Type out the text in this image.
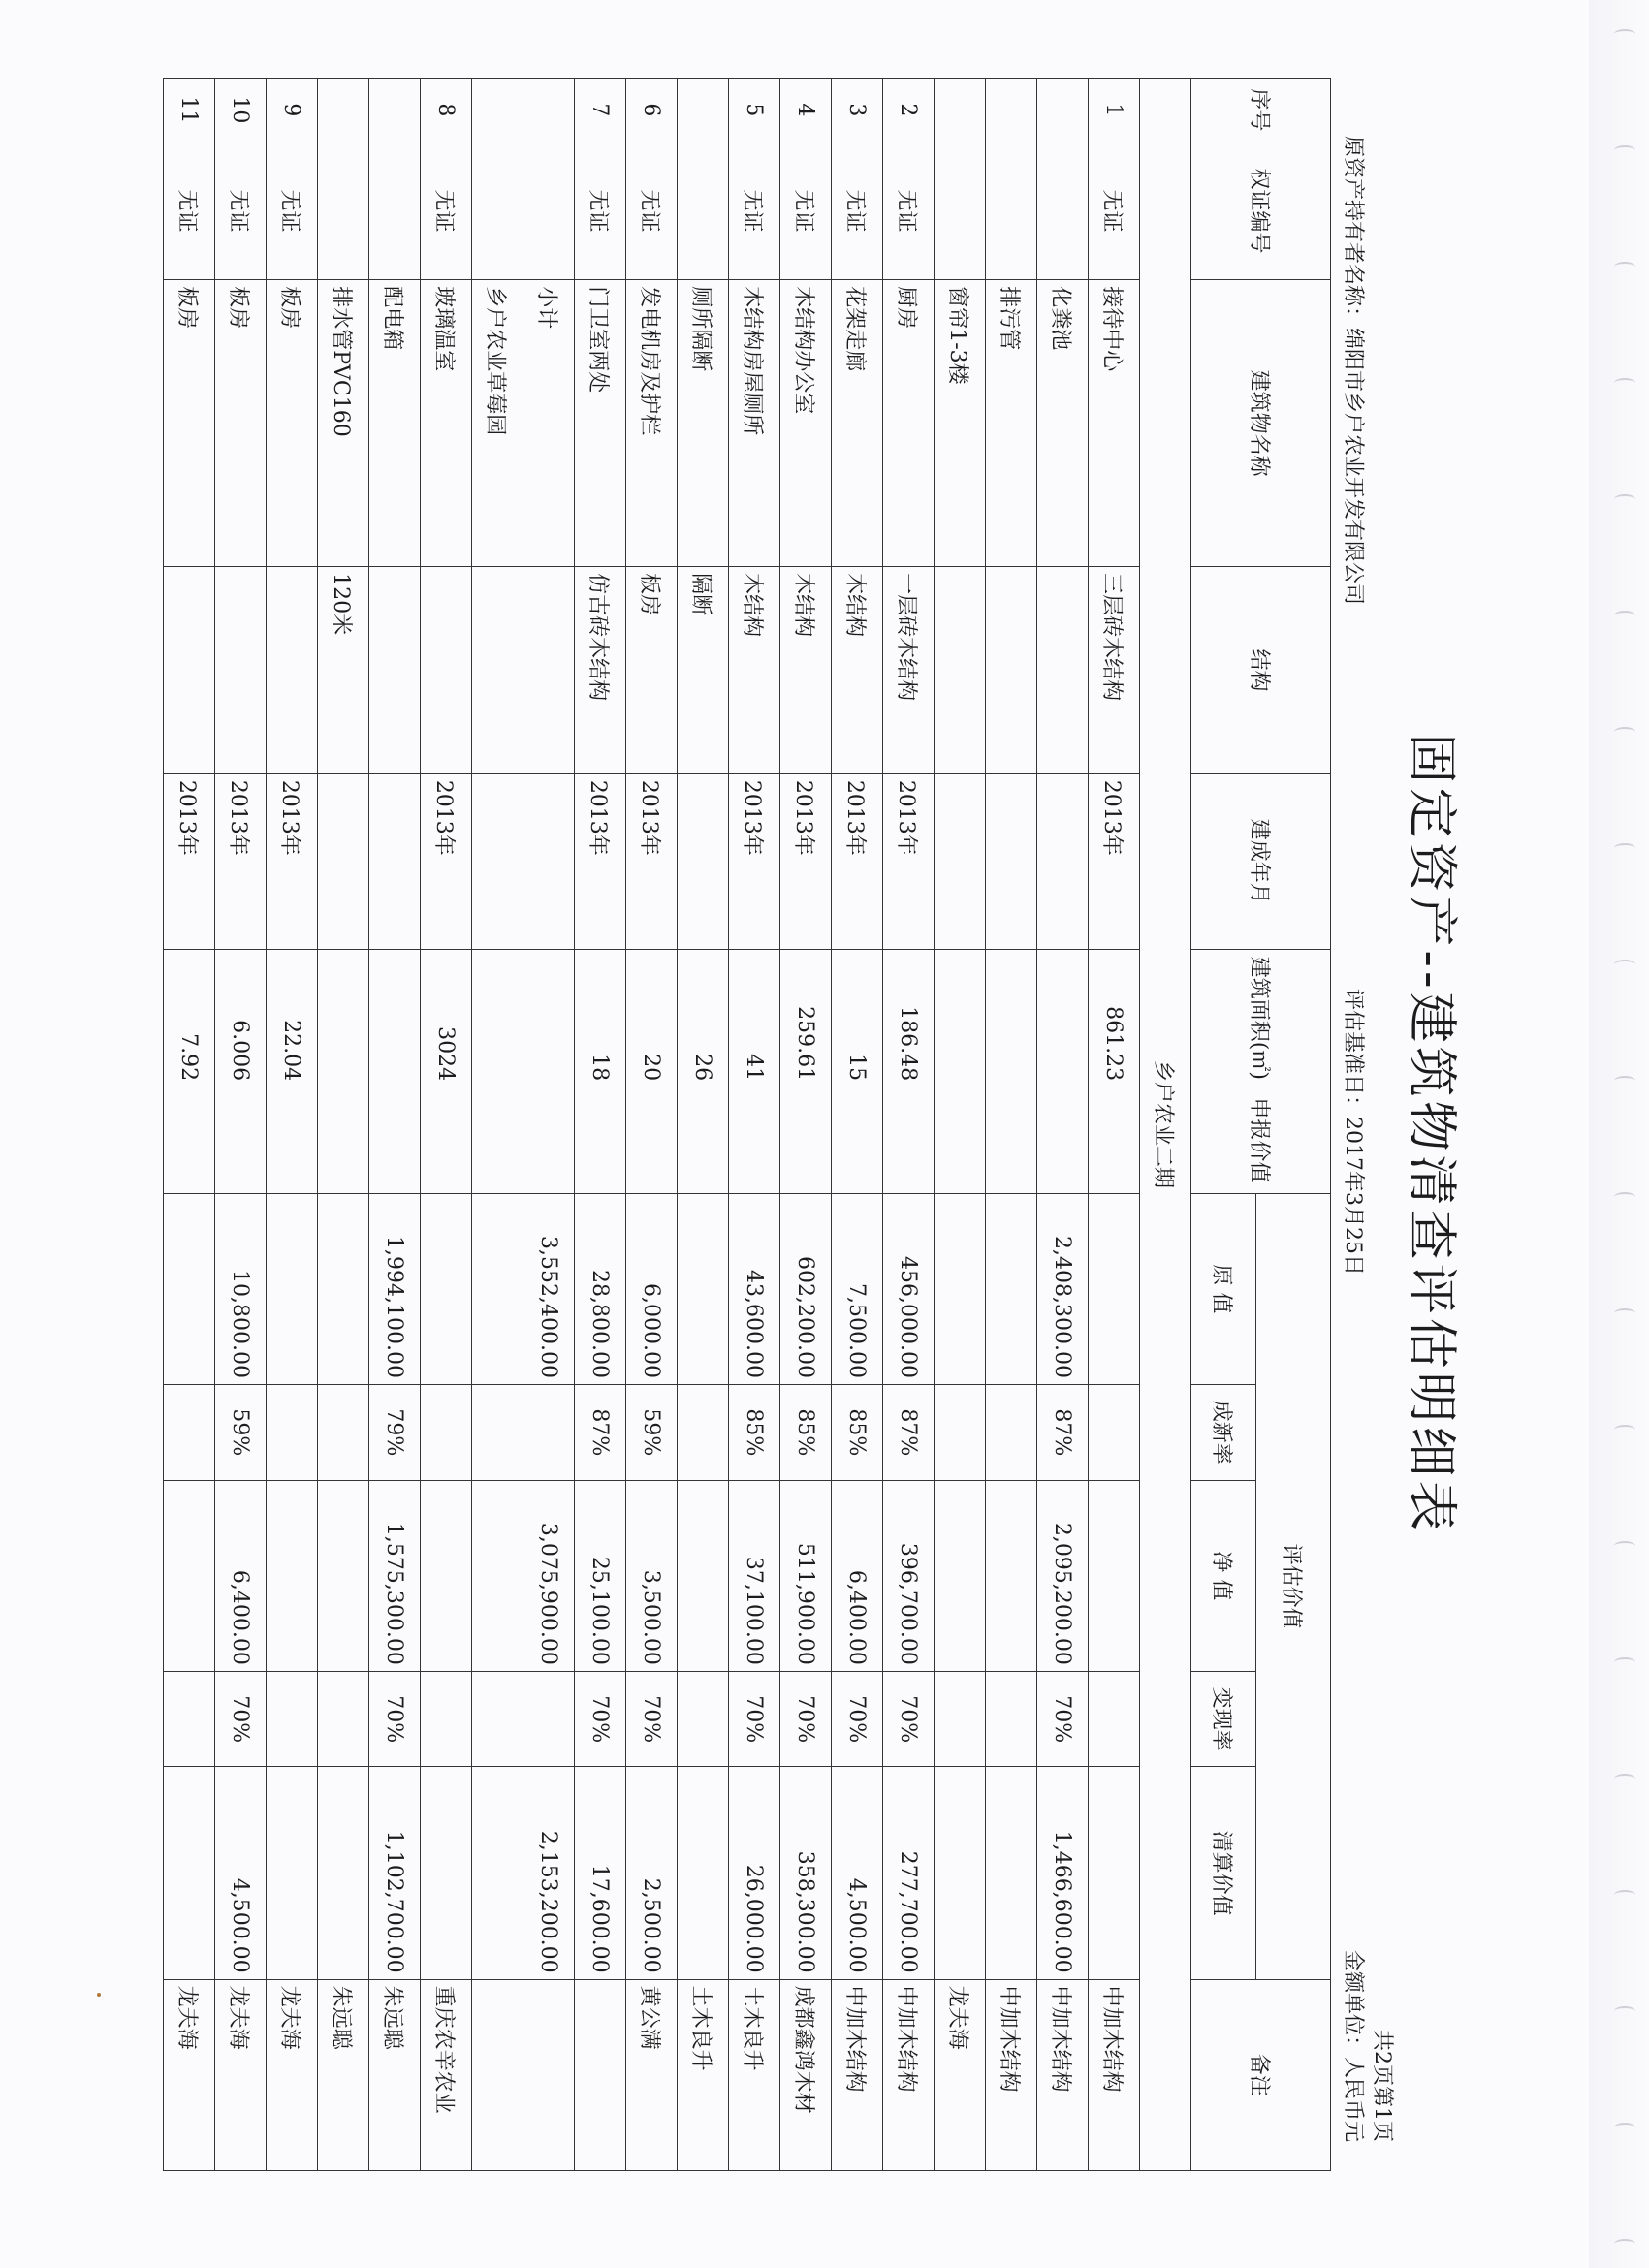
固定资产--建筑物清查评估明细表
原资产持有者名称：绵阳市乡户农业开发有限公司
评估基准日：2017年3月25日
共2页第1页
金额单位：人民币元
序号	权证编号	建筑物名称	结构	建成年月	建筑面积(㎡)	申报价值	评估价值					备注
							原 值	成新率	净 值	变现率	清算价值	
乡户农业二期												
1	无证	接待中心	三层砖木结构	2013年	861.23							中加木结构
		化粪池					2,408,300.00	87%	2,095,200.00	70%	1,466,600.00	中加木结构
		排污管										中加木结构
		窗帘1-3楼										龙夫海
2	无证	厨房	一层砖木结构	2013年	186.48		456,000.00	87%	396,700.00	70%	277,700.00	中加木结构
3	无证	花架走廊	木结构	2013年	15		7,500.00	85%	6,400.00	70%	4,500.00	中加木结构
4	无证	木结构办公室	木结构	2013年	259.61		602,200.00	85%	511,900.00	70%	358,300.00	成都鑫鸿木材
5	无证	木结构房屋厕所	木结构	2013年	41		43,600.00	85%	37,100.00	70%	26,000.00	土木良升
		厕所隔断	隔断		26							土木良升
6	无证	发电机房及护栏	板房	2013年	20		6,000.00	59%	3,500.00	70%	2,500.00	黄公满
7	无证	门卫室两处	仿古砖木结构	2013年	18		28,800.00	87%	25,100.00	70%	17,600.00	
		小计					3,552,400.00		3,075,900.00		2,153,200.00	
		乡户农业草莓园										
8	无证	玻璃温室		2013年	3024							重庆农辛农业
		配电箱					1,994,100.00	79%	1,575,300.00	70%	1,102,700.00	朱远聪
		排水管PVC160	120米									朱远聪
9	无证	板房		2013年	22.04							龙夫海
10	无证	板房		2013年	6.006		10,800.00	59%	6,400.00	70%	4,500.00	龙夫海
11	无证	板房		2013年	7.92							龙夫海
